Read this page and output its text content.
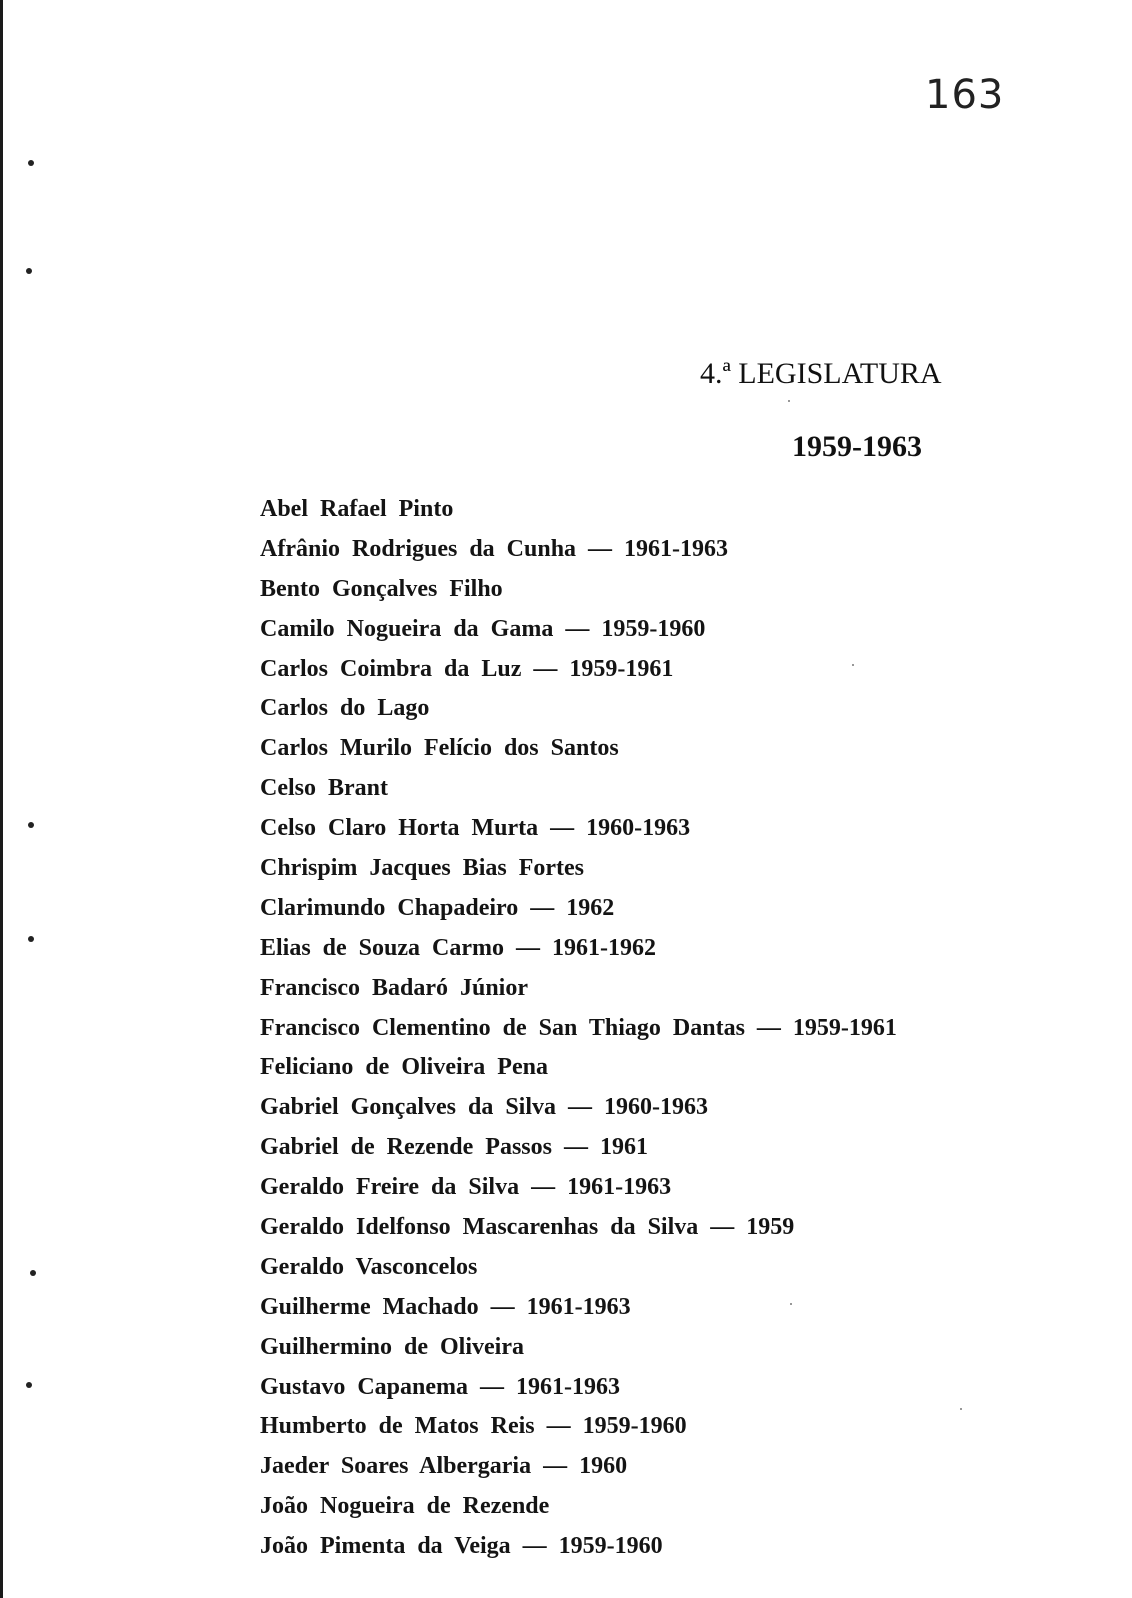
163
4.ª LEGISLATURA
1959-1963
Abel Rafael Pinto
Afrânio Rodrigues da Cunha — 1961-1963
Bento Gonçalves Filho
Camilo Nogueira da Gama — 1959-1960
Carlos Coimbra da Luz — 1959-1961
Carlos do Lago
Carlos Murilo Felício dos Santos
Celso Brant
Celso Claro Horta Murta — 1960-1963
Chrispim Jacques Bias Fortes
Clarimundo Chapadeiro — 1962
Elias de Souza Carmo — 1961-1962
Francisco Badaró Júnior
Francisco Clementino de San Thiago Dantas — 1959-1961
Feliciano de Oliveira Pena
Gabriel Gonçalves da Silva — 1960-1963
Gabriel de Rezende Passos — 1961
Geraldo Freire da Silva — 1961-1963
Geraldo Idelfonso Mascarenhas da Silva — 1959
Geraldo Vasconcelos
Guilherme Machado — 1961-1963
Guilhermino de Oliveira
Gustavo Capanema — 1961-1963
Humberto de Matos Reis — 1959-1960
Jaeder Soares Albergaria — 1960
João Nogueira de Rezende
João Pimenta da Veiga — 1959-1960
